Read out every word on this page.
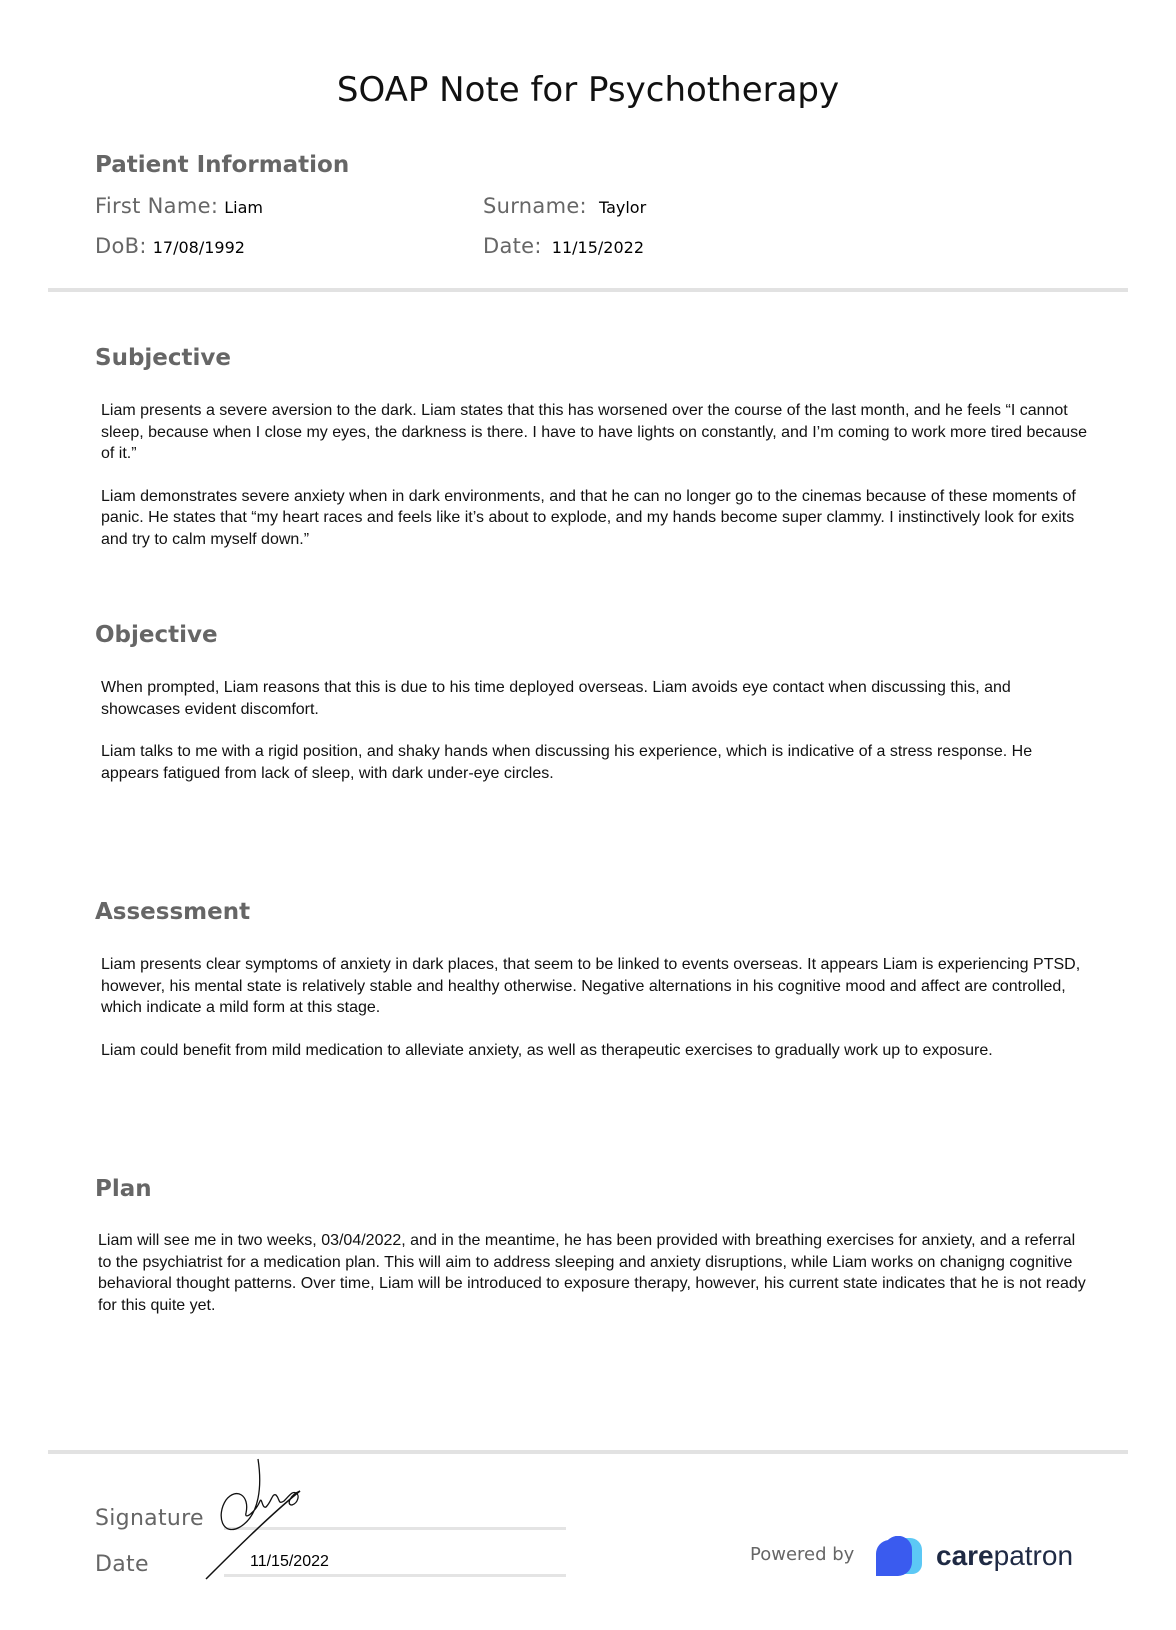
SOAP Note for Psychotherapy
Patient Information
First Name: Liam	Surname: Taylor
DoB: 17/08/1992	Date: 11/15/2022
Subjective

Liam presents a severe aversion to the dark. Liam states that this has worsened over the course of the last month, and he feels “I cannot sleep, because when I close my eyes, the darkness is there. I have to have lights on constantly, and I’m coming to work more tired because of it.”

Liam demonstrates severe anxiety when in dark environments, and that he can no longer go to the cinemas because of these moments of panic. He states that “my heart races and feels like it’s about to explode, and my hands become super clammy. I instinctively look for exits and try to calm myself down.”

Objective

When prompted, Liam reasons that this is due to his time deployed overseas. Liam avoids eye contact when discussing this, and showcases evident discomfort.

Liam talks to me with a rigid position, and shaky hands when discussing his experience, which is indicative of a stress response. He appears fatigued from lack of sleep, with dark under-eye circles.

Assessment

Liam presents clear symptoms of anxiety in dark places, that seem to be linked to events overseas. It appears Liam is experiencing PTSD, however, his mental state is relatively stable and healthy otherwise. Negative alternations in his cognitive mood and affect are controlled, which indicate a mild form at this stage.

Liam could benefit from mild medication to alleviate anxiety, as well as therapeutic exercises to gradually work up to exposure.

Plan

Liam will see me in two weeks, 03/04/2022, and in the meantime, he has been provided with breathing exercises for anxiety, and a referral to the psychiatrist for a medication plan. This will aim to address sleeping and anxiety disruptions, while Liam works on chanigng cognitive behavioral thought patterns. Over time, Liam will be introduced to exposure therapy, however, his current state indicates that he is not ready for this quite yet.

Signature
Date	11/15/2022	Powered by	carepatron
